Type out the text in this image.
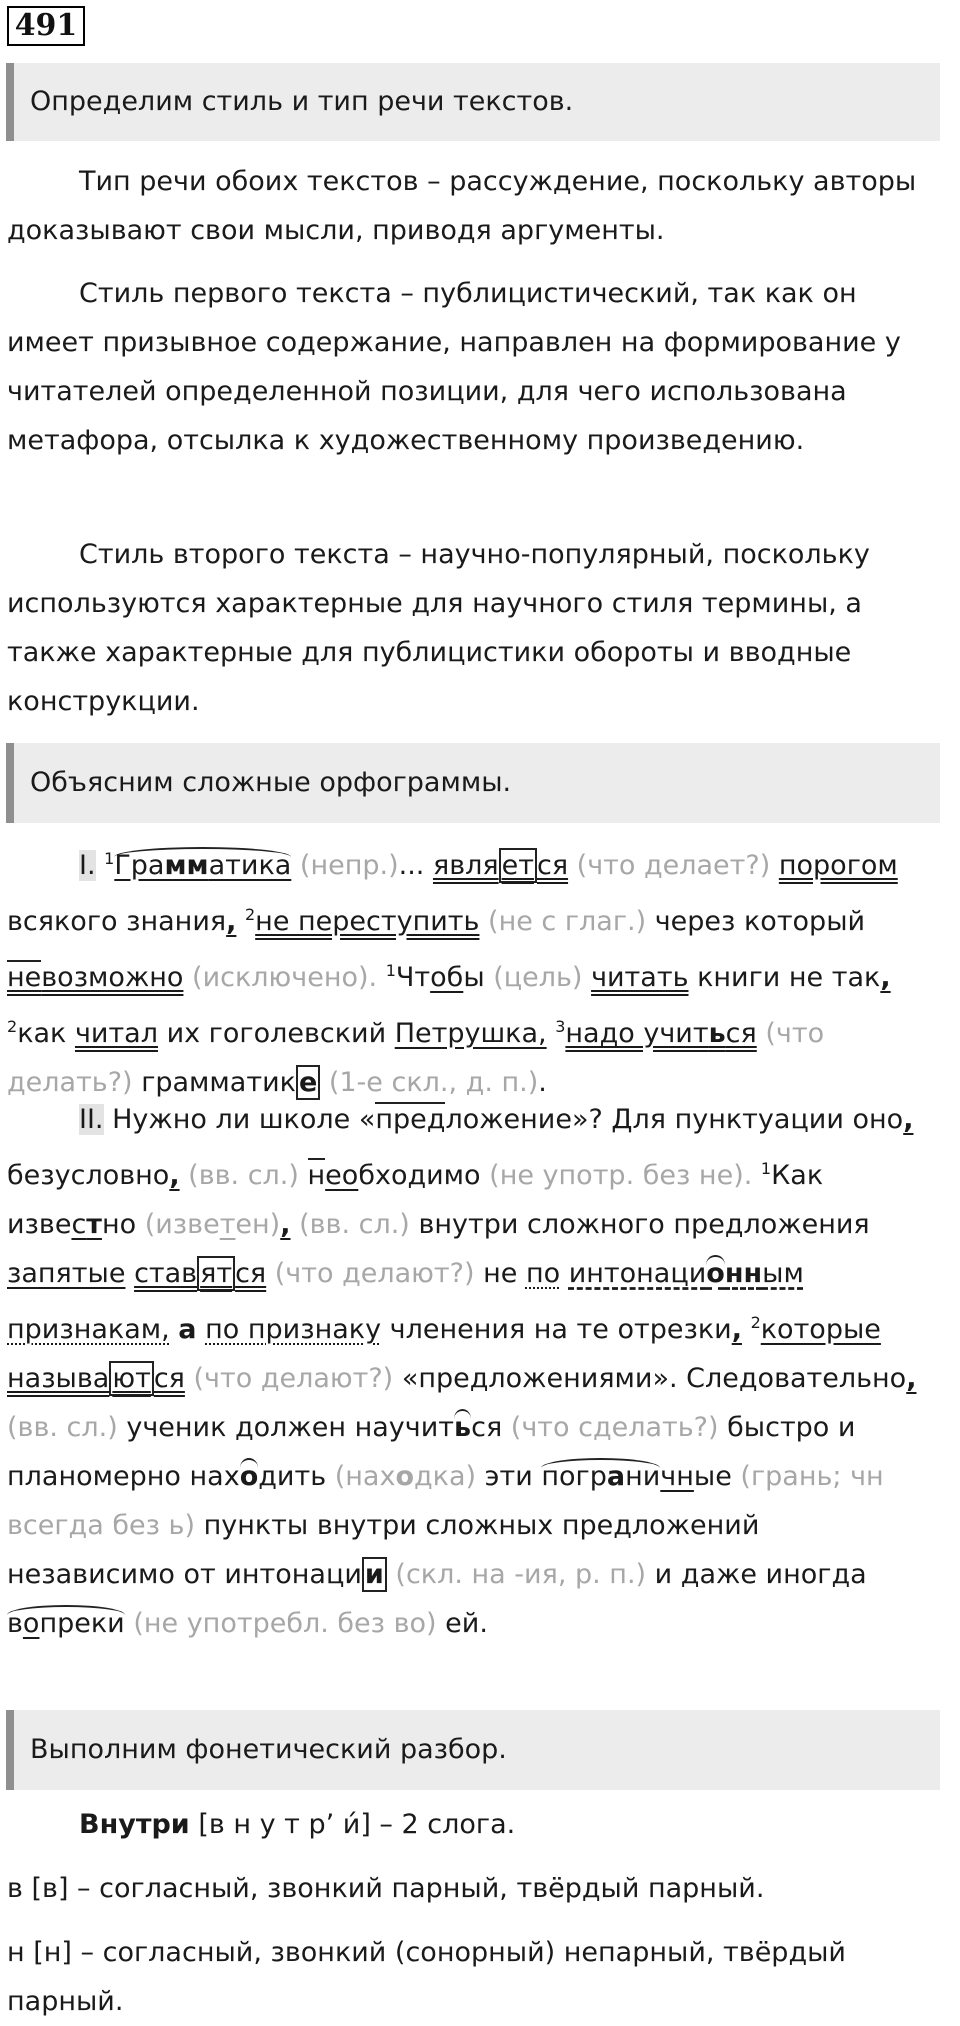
491
Определим стиль и тип речи текстов.

Тип речи обоих текстов – рассуждение, поскольку авторы доказывают свои мысли, приводя аргументы.

Стиль первого текста – публицистический, так как он имеет призывное содержание, направлен на формирование у читателей определенной позиции, для чего использована метафора, отсылка к художественному произведению.

Стиль второго текста – научно-популярный, поскольку используются характерные для научного стиля термины, а также характерные для публицистики обороты и вводные конструкции.

Объясним сложные орфограммы.

I. $^1$Грамматика (непр.)... явля ет ся (что делает?) порогом всякого знания, $^2$не переступить (не с глаг.) через который невозможно (исключено). $^1$Чтобы (цель) читать книги не так, $^2$как читал их гоголевский Петрушка, $^3$надо учиться (что делать?) грамматик е (1-е скл., д. п.).

II. Нужно ли школе «предложение»? Для пунктуации оно, безусловно, (вв. сл.) необходимо (не употр. без не). $^1$Как известно (изветен), (вв. сл.) внутри сложного предложения запятые став ят ся (что делают?) не по интонационным признакам, а по признаку членения на те отрезки, $^2$которые называ ют ся (что делают?) «предложениями». Следовательно, (вв. сл.) ученик должен научиться (что сделать?) быстро и планомерно находить (находка) эти пограничные (грань; чн всегда без ь) пункты внутри сложных предложений независимо от интонаци и (скл. на -ия, р. п.) и даже иногда вопреки (не употребл. без во) ей.

Выполним фонетический разбор.

Внутри [в н у т р’ и́] – 2 слога.

в [в] – согласный, звонкий парный, твёрдый парный.

н [н] – согласный, звонкий (сонорный) непарный, твёрдый парный.
